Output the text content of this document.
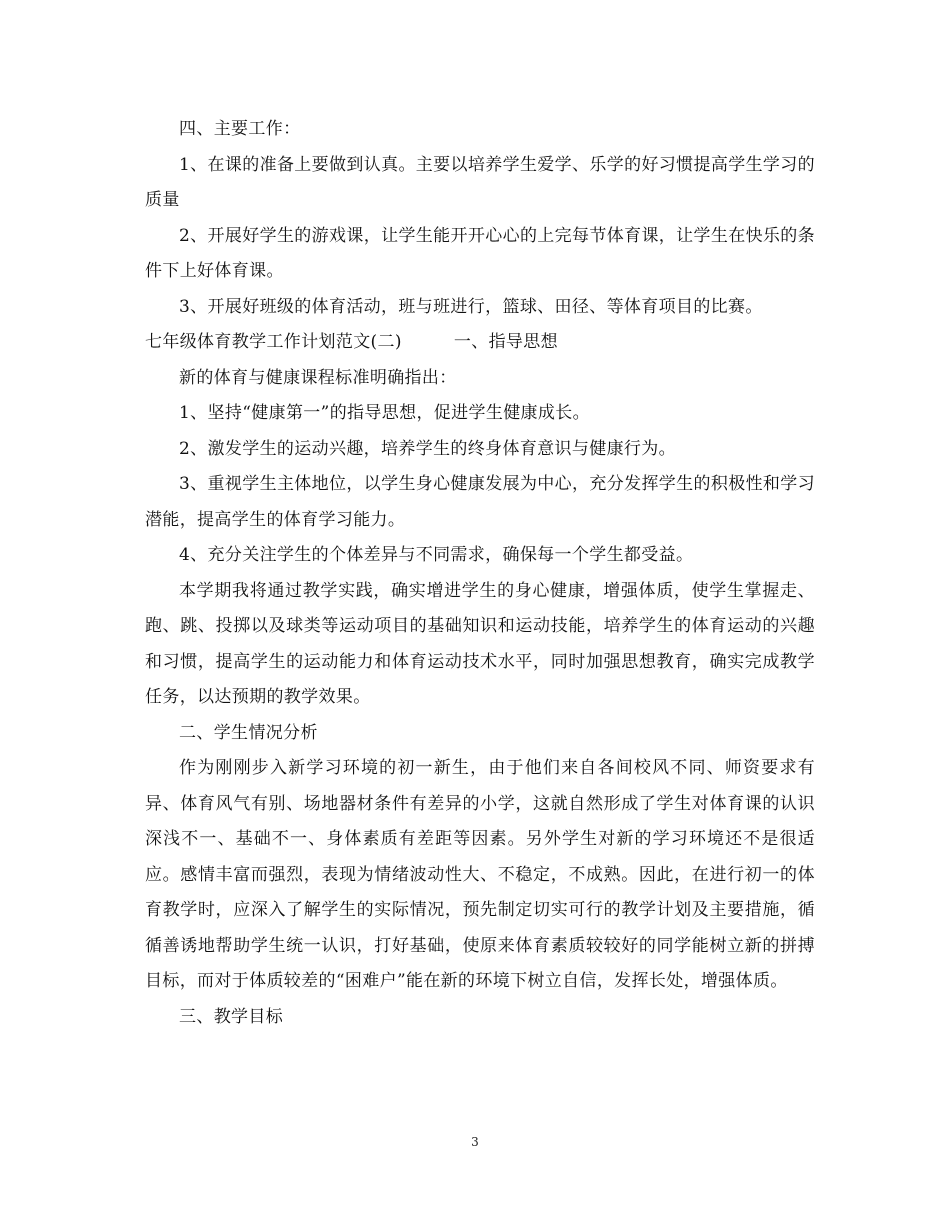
四、主要工作：

1、在课的准备上要做到认真。主要以培养学生爱学、乐学的好习惯提高学生学习的质量

2、开展好学生的游戏课，让学生能开开心心的上完每节体育课，让学生在快乐的条件下上好体育课。

3、开展好班级的体育活动，班与班进行，篮球、田径、等体育项目的比赛。

七年级体育教学工作计划范文(二)	一、指导思想

新的体育与健康课程标准明确指出：

1、坚持“健康第一”的指导思想，促进学生健康成长。

2、激发学生的运动兴趣，培养学生的终身体育意识与健康行为。

3、重视学生主体地位，以学生身心健康发展为中心，充分发挥学生的积极性和学习潜能，提高学生的体育学习能力。

4、充分关注学生的个体差异与不同需求，确保每一个学生都受益。

本学期我将通过教学实践，确实增进学生的身心健康，增强体质，使学生掌握走、跑、跳、投掷以及球类等运动项目的基础知识和运动技能，培养学生的体育运动的兴趣和习惯，提高学生的运动能力和体育运动技术水平，同时加强思想教育，确实完成教学任务，以达预期的教学效果。

二、学生情况分析

作为刚刚步入新学习环境的初一新生，由于他们来自各间校风不同、师资要求有异、体育风气有别、场地器材条件有差异的小学，这就自然形成了学生对体育课的认识深浅不一、基础不一、身体素质有差距等因素。另外学生对新的学习环境还不是很适应。感情丰富而强烈，表现为情绪波动性大、不稳定，不成熟。因此，在进行初一的体育教学时，应深入了解学生的实际情况，预先制定切实可行的教学计划及主要措施，循循善诱地帮助学生统一认识，打好基础，使原来体育素质较较好的同学能树立新的拼搏目标，而对于体质较差的“困难户”能在新的环境下树立自信，发挥长处，增强体质。

三、教学目标

3
